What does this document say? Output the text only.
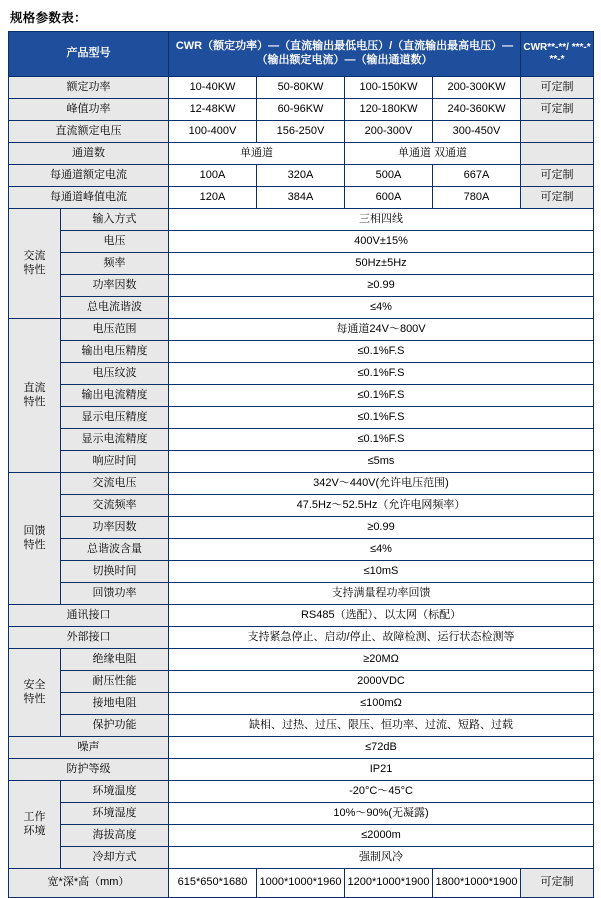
规格参数表：
产品型号		CWR（额定功率）—（直流输出最低电压）/（直流输出最高电压）—（输出额定电流）—（输出通道数）				CWR**-**/ ***-***-*

额定功率		10-40KW	50-80KW	100-150KW	200-300KW	可定制
峰值功率		12-48KW	60-96KW	120-180KW	240-360KW	可定制
直流额定电压		100-400V	156-250V	200-300V	300-450V	
通道数		单通道		单通道 双通道		
每通道额定电流		100A	320A	500A	667A	可定制
每通道峰值电流		120A	384A	600A	780A	可定制

交流
特性	输入方式	三相四线				
	电压	400V±15%				
	频率	50Hz±5Hz				
	功率因数	≥0.99				
	总电流谐波	≤4%				

直流
特性	电压范围	每通道24V～800V				
	输出电压精度	≤0.1%F.S				
	电压纹波	≤0.1%F.S				
	输出电流精度	≤0.1%F.S				
	显示电压精度	≤0.1%F.S				
	显示电流精度	≤0.1%F.S				
	响应时间	≤5ms				

回馈
特性	交流电压	342V～440V(允许电压范围)				
	交流频率	47.5Hz～52.5Hz（允许电网频率）				
	功率因数	≥0.99				
	总谐波含量	≤4%				
	切换时间	≤10mS				
	回馈功率	支持满量程功率回馈				
通讯接口		RS485（选配）、以太网（标配）				
外部接口		支持紧急停止、启动/停止、故障检测、运行状态检测等				

安全
特性	绝缘电阻	≥20MΩ				
	耐压性能	2000VDC				
	接地电阻	≤100mΩ				
	保护功能	缺相、过热、过压、限压、恒功率、过流、短路、过载				
噪声		≤72dB				
防护等级		IP21				

工作
环境	环境温度	-20°C～45°C				
	环境湿度	10%～90%(无凝露)				
	海拔高度	≤2000m				
	冷却方式	强制风冷				
宽*深*高（mm）		615*650*1680	1000*1000*1960	1200*1000*1900	1800*1000*1900	可定制
